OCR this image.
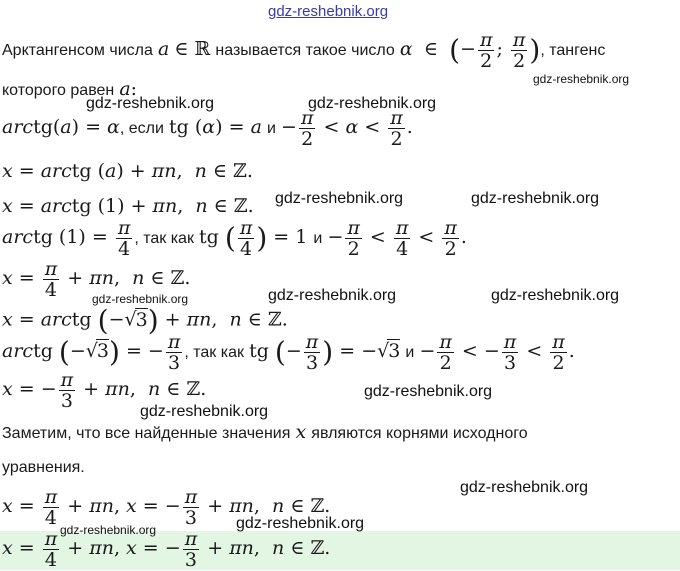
gdz-reshebnik.org
Арктангенсом числа a ∈ ℝ называется такое число α  ∈  (− $\frac{\pi}{2}$ ; $\frac{\pi}{2}$ ), тангенс
которого равен a:
arctg(a) = α, если tg (α) = a $и - \frac{\pi}{2} < \alpha < \frac{\pi}{2}$ .
x = arctg (a) + πn,  n ∈ ℤ.
x = arctg (1) + πn,  n ∈ ℤ.
arctg $(1) = \frac{\pi}{4}$ , так как tg ( $\frac{\pi}{4}$ ) = 1 $и - \frac{\pi}{2} < \frac{\pi}{4} < \frac{\pi}{2}$ .
$x = \frac{\pi}{4} + \pi n$,  n ∈ ℤ.
x = arctg (−√3) + πn,  n ∈ ℤ.
arctg (−√3) = − $\frac{\pi}{3}$ , так как tg (− $\frac{\pi}{3}$ ) = −√3 $и - \frac{\pi}{2}$ < − $\frac{\pi}{3} < \frac{\pi}{2}$ .
x = − $\frac{\pi}{3} + \pi n$,  n ∈ ℤ.
Заметим, что все найденные значения x являются корнями исходного
уравнения.
$x = \frac{\pi}{4} + \pi n$, x = − $\frac{\pi}{3} + \pi n$,  n ∈ ℤ.
$x = \frac{\pi}{4} + \pi n$, x = − $\frac{\pi}{3} + \pi n$,  n ∈ ℤ.
gdz-reshebnik.org
gdz-reshebnik.org	gdz-reshebnik.org
gdz-reshebnik.org	gdz-reshebnik.org
gdz-reshebnik.org	gdz-reshebnik.org	gdz-reshebnik.org
gdz-reshebnik.org
gdz-reshebnik.org
gdz-reshebnik.org
gdz-reshebnik.org	gdz-reshebnik.org
